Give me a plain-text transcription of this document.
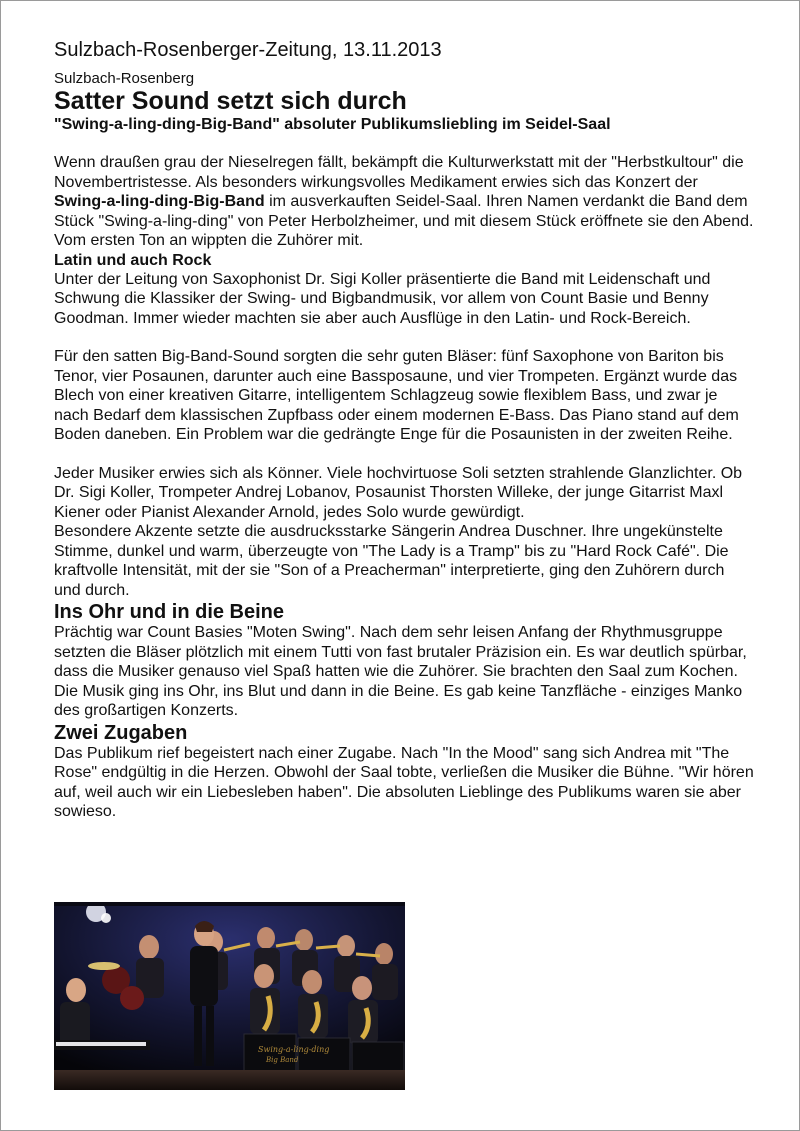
Sulzbach-Rosenberger-Zeitung, 13.11.2013
Sulzbach-Rosenberg
Satter Sound setzt sich durch
"Swing-a-ling-ding-Big-Band" absoluter Publikumsliebling im Seidel-Saal

Wenn draußen grau der Nieselregen fällt, bekämpft die Kulturwerkstatt mit der "Herbstkultour" die Novembertristesse. Als besonders wirkungsvolles Medikament erwies sich das Konzert der Swing-a-ling-ding-Big-Band im ausverkauften Seidel-Saal. Ihren Namen verdankt die Band dem Stück "Swing-a-ling-ding" von Peter Herbolzheimer, und mit diesem Stück eröffnete sie den Abend. Vom ersten Ton an wippten die Zuhörer mit.

Latin und auch Rock

Unter der Leitung von Saxophonist Dr. Sigi Koller präsentierte die Band mit Leidenschaft und Schwung die Klassiker der Swing- und Bigbandmusik, vor allem von Count Basie und Benny Goodman. Immer wieder machten sie aber auch Ausflüge in den Latin- und Rock-Bereich.

Für den satten Big-Band-Sound sorgten die sehr guten Bläser: fünf Saxophone von Bariton bis Tenor, vier Posaunen, darunter auch eine Bassposaune, und vier Trompeten. Ergänzt wurde das Blech von einer kreativen Gitarre, intelligentem Schlagzeug sowie flexiblem Bass, und zwar je nach Bedarf dem klassischen Zupfbass oder einem modernen E-Bass. Das Piano stand auf dem Boden daneben. Ein Problem war die gedrängte Enge für die Posaunisten in der zweiten Reihe.

Jeder Musiker erwies sich als Könner. Viele hochvirtuose Soli setzten strahlende Glanzlichter. Ob Dr. Sigi Koller, Trompeter Andrej Lobanov, Posaunist Thorsten Willeke, der junge Gitarrist Maxl Kiener oder Pianist Alexander Arnold, jedes Solo wurde gewürdigt.

Besondere Akzente setzte die ausdrucksstarke Sängerin Andrea Duschner. Ihre ungekünstelte Stimme, dunkel und warm, überzeugte von "The Lady is a Tramp" bis zu "Hard Rock Café". Die kraftvolle Intensität, mit der sie "Son of a Preacherman" interpretierte, ging den Zuhörern durch und durch.

Ins Ohr und in die Beine

Prächtig war Count Basies "Moten Swing". Nach dem sehr leisen Anfang der Rhythmusgruppe setzten die Bläser plötzlich mit einem Tutti von fast brutaler Präzision ein. Es war deutlich spürbar, dass die Musiker genauso viel Spaß hatten wie die Zuhörer. Sie brachten den Saal zum Kochen. Die Musik ging ins Ohr, ins Blut und dann in die Beine. Es gab keine Tanzfläche - einziges Manko des großartigen Konzerts.

Zwei Zugaben

Das Publikum rief begeistert nach einer Zugabe. Nach "In the Mood" sang sich Andrea mit "The Rose" endgültig in die Herzen. Obwohl der Saal tobte, verließen die Musiker die Bühne. "Wir hören auf, weil auch wir ein Liebesleben haben". Die absoluten Lieblinge des Publikums waren sie aber sowieso.

Swing-a-ling-ding
Big Band
